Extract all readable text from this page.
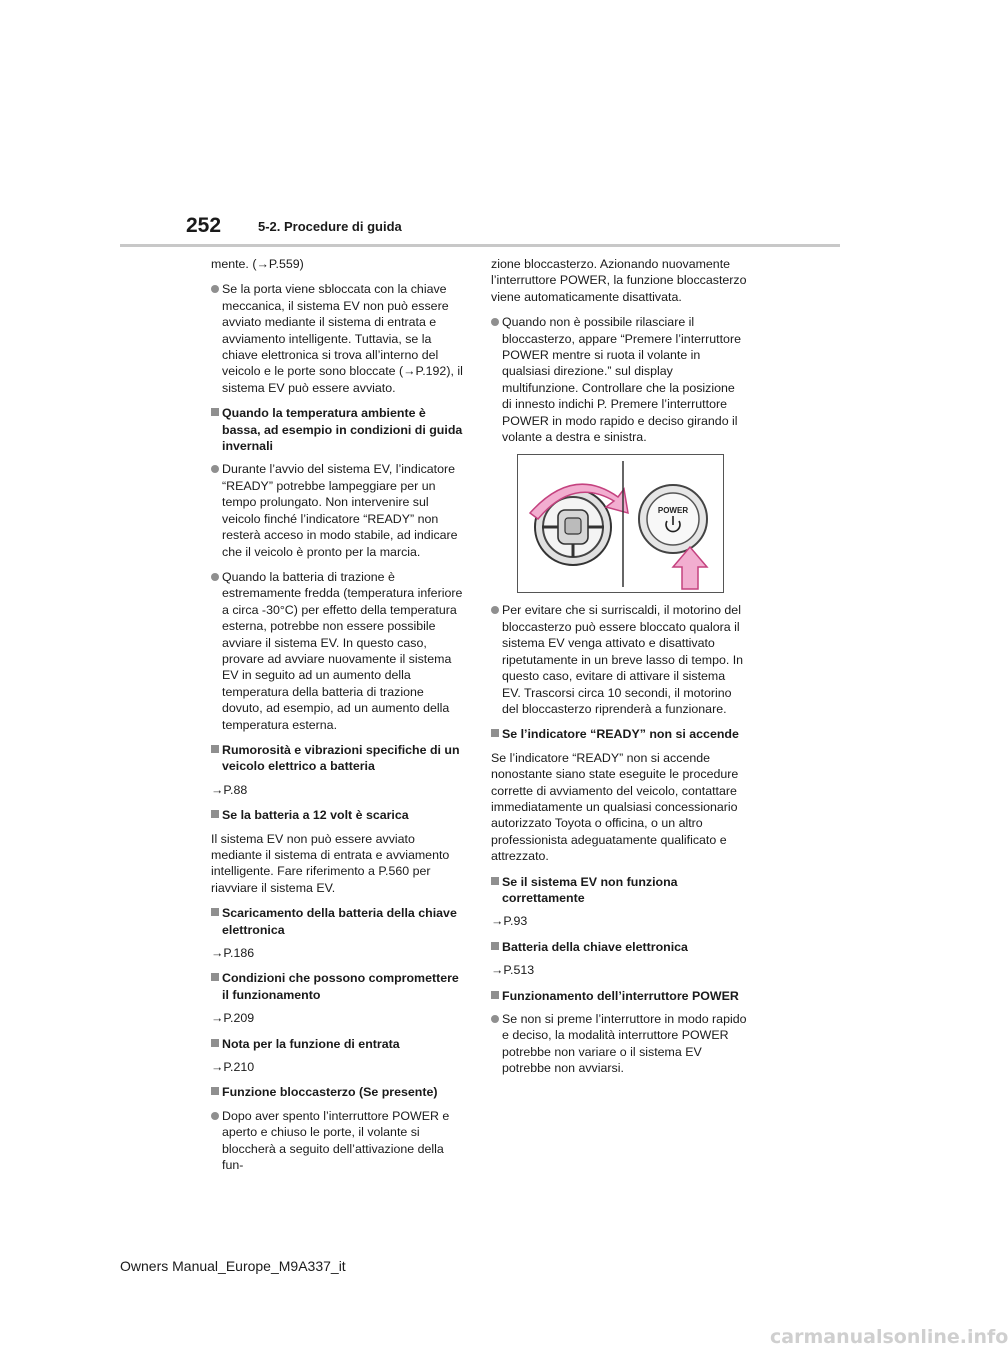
252	5-2. Procedure di guida

mente. (→P.559)

Se la porta viene sbloccata con la chiave meccanica, il sistema EV non può essere avviato mediante il sistema di entrata e avviamento intelligente. Tuttavia, se la chiave elettronica si trova all’interno del veicolo e le porte sono bloccate (→P.192), il sistema EV può essere avviato.

Quando la temperatura ambiente è bassa, ad esempio in condizioni di guida invernali

Durante l’avvio del sistema EV, l’indicatore “READY” potrebbe lampeggiare per un tempo prolungato. Non intervenire sul veicolo finché l’indicatore “READY” non resterà acceso in modo stabile, ad indicare che il veicolo è pronto per la marcia.

Quando la batteria di trazione è estremamente fredda (temperatura inferiore a circa -30°C) per effetto della temperatura esterna, potrebbe non essere possibile avviare il sistema EV. In questo caso, provare ad avviare nuovamente il sistema EV in seguito ad un aumento della temperatura della batteria di trazione dovuto, ad esempio, ad un aumento della temperatura esterna.

Rumorosità e vibrazioni specifiche di un veicolo elettrico a batteria

→P.88

Se la batteria a 12 volt è scarica

Il sistema EV non può essere avviato mediante il sistema di entrata e avviamento intelligente. Fare riferimento a P.560 per riavviare il sistema EV.

Scaricamento della batteria della chiave elettronica

→P.186

Condizioni che possono compromettere il funzionamento

→P.209

Nota per la funzione di entrata

→P.210

Funzione bloccasterzo (Se presente)

Dopo aver spento l’interruttore POWER e aperto e chiuso le porte, il volante si bloccherà a seguito dell’attivazione della fun-

zione bloccasterzo. Azionando nuovamente l’interruttore POWER, la funzione bloccasterzo viene automaticamente disattivata.

Quando non è possibile rilasciare il bloccasterzo, appare “Premere l’interruttore POWER mentre si ruota il volante in qualsiasi direzione.” sul display multifunzione. Controllare che la posizione di innesto indichi P. Premere l’interruttore POWER in modo rapido e deciso girando il volante a destra e sinistra.

POWER

Per evitare che si surriscaldi, il motorino del bloccasterzo può essere bloccato qualora il sistema EV venga attivato e disattivato ripetutamente in un breve lasso di tempo. In questo caso, evitare di attivare il sistema EV. Trascorsi circa 10 secondi, il motorino del bloccasterzo riprenderà a funzionare.

Se l’indicatore “READY” non si accende

Se l’indicatore “READY” non si accende nonostante siano state eseguite le procedure corrette di avviamento del veicolo, contattare immediatamente un qualsiasi concessionario autorizzato Toyota o officina, o un altro professionista adeguatamente qualificato e attrezzato.

Se il sistema EV non funziona correttamente

→P.93

Batteria della chiave elettronica

→P.513

Funzionamento dell’interruttore POWER

Se non si preme l’interruttore in modo rapido e deciso, la modalità interruttore POWER potrebbe non variare o il sistema EV potrebbe non avviarsi.

Owners Manual_Europe_M9A337_it
carmanualsonline.info
